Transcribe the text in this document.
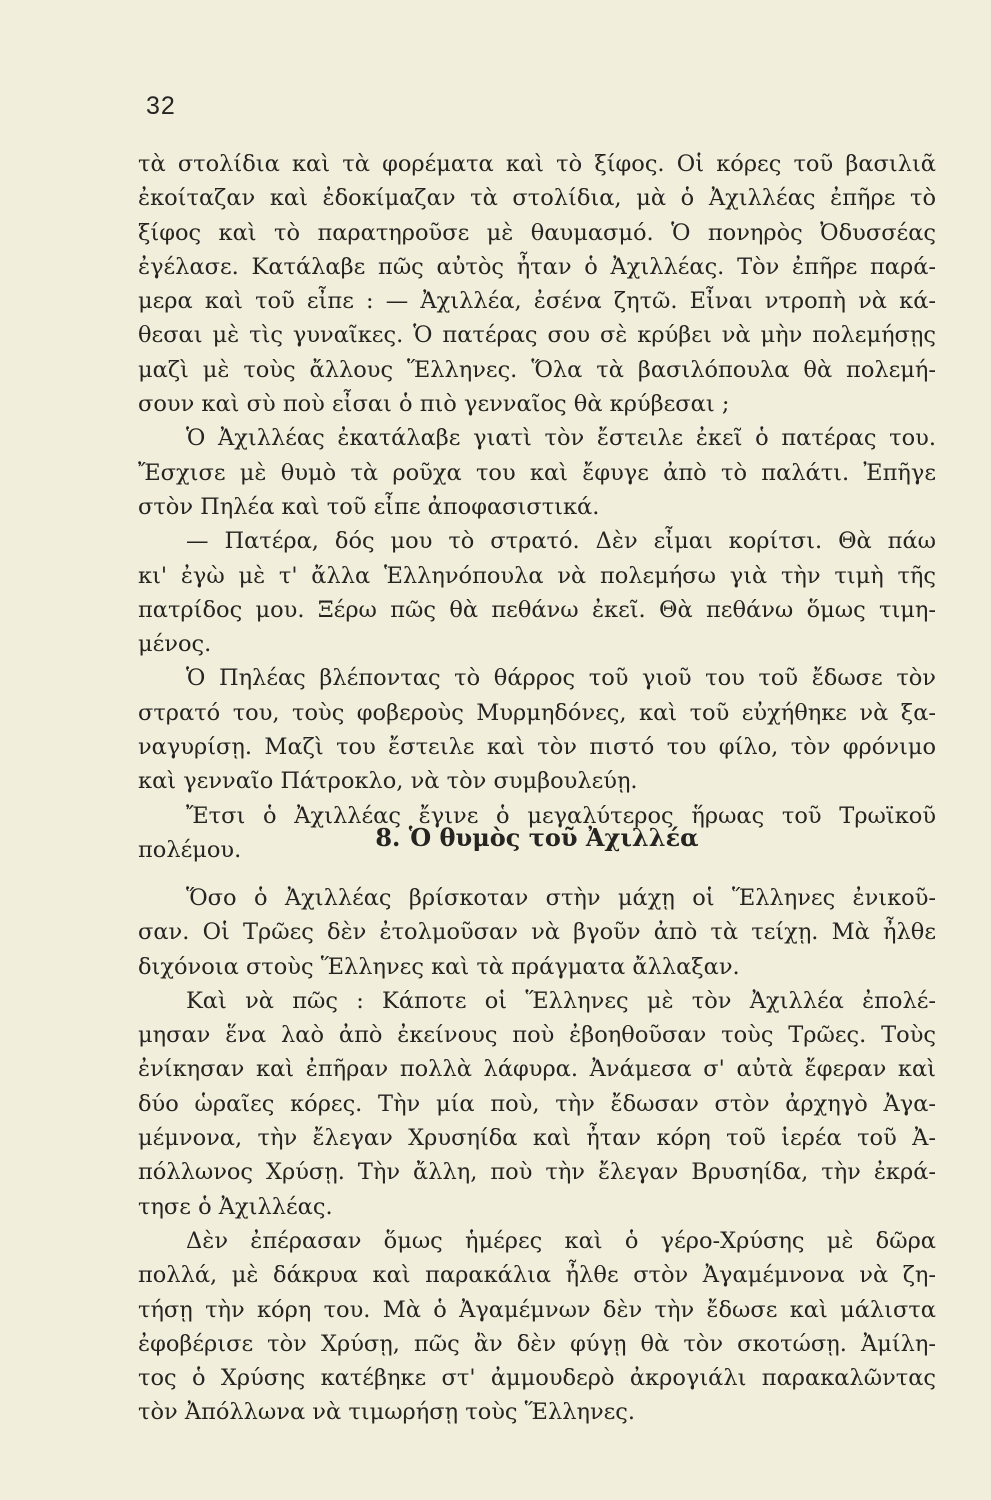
32
τὰ στολίδια καὶ τὰ φορέματα καὶ τὸ ξίφος. Οἱ κόρες τοῦ βασιλιᾶ
ἐκοίταζαν καὶ ἐδοκίμαζαν τὰ στολίδια, μὰ ὁ Ἀχιλλέας ἐπῆρε τὸ
ξίφος καὶ τὸ παρατηροῦσε μὲ θαυμασμό. Ὁ πονηρὸς Ὀδυσσέας
ἐγέλασε. Κατάλαβε πῶς αὐτὸς ἦταν ὁ Ἀχιλλέας. Τὸν ἐπῆρε παρά-
μερα καὶ τοῦ εἶπε : — Ἀχιλλέα, ἐσένα ζητῶ. Εἶναι ντροπὴ νὰ κά-
θεσαι μὲ τὶς γυναῖκες. Ὁ πατέρας σου σὲ κρύβει νὰ μὴν πολεμήσῃς
μαζὶ μὲ τοὺς ἄλλους Ἕλληνες. Ὅλα τὰ βασιλόπουλα θὰ πολεμή-
σουν καὶ σὺ ποὺ εἶσαι ὁ πιὸ γενναῖος θὰ κρύβεσαι ;
Ὁ Ἀχιλλέας ἐκατάλαβε γιατὶ τὸν ἔστειλε ἐκεῖ ὁ πατέρας του.
Ἔσχισε μὲ θυμὸ τὰ ροῦχα του καὶ ἔφυγε ἀπὸ τὸ παλάτι. Ἐπῆγε
στὸν Πηλέα καὶ τοῦ εἶπε ἀποφασιστικά.
— Πατέρα, δός μου τὸ στρατό. Δὲν εἶμαι κορίτσι. Θὰ πάω
κι' ἐγὼ μὲ τ' ἄλλα Ἑλληνόπουλα νὰ πολεμήσω γιὰ τὴν τιμὴ τῆς
πατρίδος μου. Ξέρω πῶς θὰ πεθάνω ἐκεῖ. Θὰ πεθάνω ὅμως τιμη-
μένος.
Ὁ Πηλέας βλέποντας τὸ θάρρος τοῦ γιοῦ του τοῦ ἔδωσε τὸν
στρατό του, τοὺς φοβεροὺς Μυρμηδόνες, καὶ τοῦ εὐχήθηκε νὰ ξα-
ναγυρίσῃ. Μαζὶ του ἔστειλε καὶ τὸν πιστό του φίλο, τὸν φρόνιμο
καὶ γενναῖο Πάτροκλο, νὰ τὸν συμβουλεύῃ.
Ἔτσι ὁ Ἀχιλλέας ἔγινε ὁ μεγαλύτερος ἥρωας τοῦ Τρωϊκοῦ
πολέμου.	8. Ὁ θυμὸς τοῦ Ἀχιλλέα
Ὅσο ὁ Ἀχιλλέας βρίσκοταν στὴν μάχῃ οἱ Ἕλληνες ἐνικοῦ-
σαν. Οἱ Τρῶες δὲν ἐτολμοῦσαν νὰ βγοῦν ἀπὸ τὰ τείχῃ. Μὰ ἦλθε
διχόνοια στοὺς Ἕλληνες καὶ τὰ πράγματα ἄλλαξαν.
Καὶ νὰ πῶς : Κάποτε οἱ Ἕλληνες μὲ τὸν Ἀχιλλέα ἐπολέ-
μησαν ἕνα λαὸ ἀπὸ ἐκείνους ποὺ ἐβοηθοῦσαν τοὺς Τρῶες. Τοὺς
ἐνίκησαν καὶ ἐπῆραν πολλὰ λάφυρα. Ἀνάμεσα σ' αὐτὰ ἔφεραν καὶ
δύο ὡραῖες κόρες. Τὴν μία ποὺ, τὴν ἔδωσαν στὸν ἀρχηγὸ Ἀγα-
μέμνονα, τὴν ἔλεγαν Χρυσηίδα καὶ ἦταν κόρη τοῦ ἱερέα τοῦ Ἀ-
πόλλωνος Χρύσῃ. Τὴν ἄλλη, ποὺ τὴν ἔλεγαν Βρυσηίδα, τὴν ἐκρά-
τησε ὁ Ἀχιλλέας.
Δὲν ἐπέρασαν ὅμως ἡμέρες καὶ ὁ γέρο-Χρύσης μὲ δῶρα
πολλά, μὲ δάκρυα καὶ παρακάλια ἦλθε στὸν Ἀγαμέμνονα νὰ ζη-
τήσῃ τὴν κόρη του. Μὰ ὁ Ἀγαμέμνων δὲν τὴν ἔδωσε καὶ μάλιστα
ἐφοβέρισε τὸν Χρύσῃ, πῶς ἂν δὲν φύγῃ θὰ τὸν σκοτώσῃ. Ἀμίλη-
τος ὁ Χρύσης κατέβηκε στ' ἀμμουδερὸ ἀκρογιάλι παρακαλῶντας
τὸν Ἀπόλλωνα νὰ τιμωρήσῃ τοὺς Ἕλληνες.
